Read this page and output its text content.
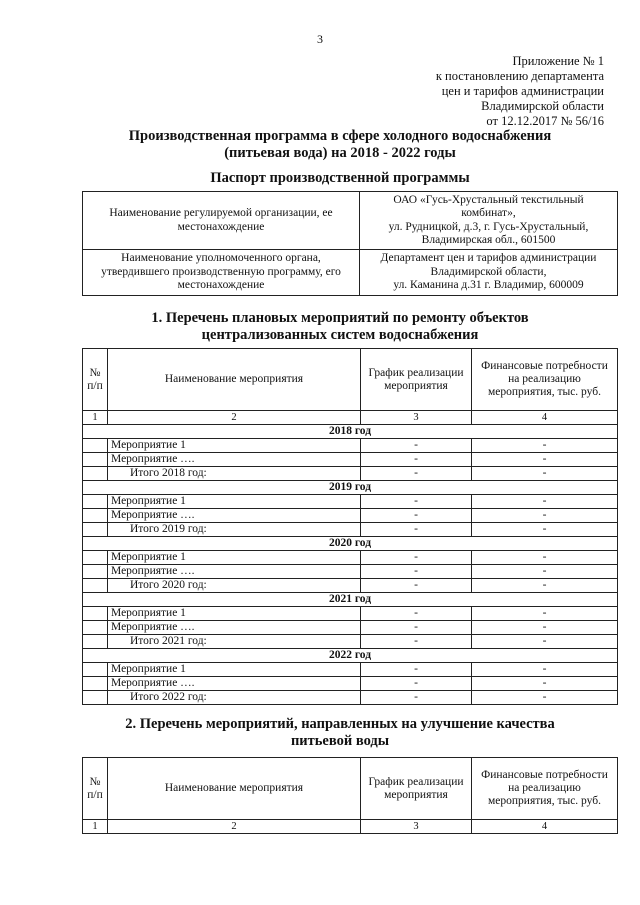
3
Приложение № 1
к постановлению департамента
цен и тарифов администрации
Владимирской области
от 12.12.2017 № 56/16
Производственная программа в сфере холодного водоснабжения
(питьевая вода) на 2018 - 2022 годы
Паспорт производственной программы
Наименование регулируемой организации, ее местонахождение	ОАО «Гусь-Хрустальный текстильный
комбинат»,
ул. Рудницкой, д.3, г. Гусь-Хрустальный,
Владимирская обл., 601500

Наименование уполномоченного органа, утвердившего производственную программу, его местонахождение	Департамент цен и тарифов администрации
Владимирской области,
ул. Каманина д.31 г. Владимир, 600009
1. Перечень плановых мероприятий по ремонту объектов
централизованных систем водоснабжения
№ п/п	Наименование мероприятия	График реализации мероприятия	Финансовые потребности на реализацию мероприятия, тыс. руб.
1	2	3	4
2018 год			
	Мероприятие 1	-	-
	Мероприятие ….	-	-
	Итого 2018 год:	-	-
2019 год			
	Мероприятие 1	-	-
	Мероприятие ….	-	-
	Итого 2019 год:	-	-
2020 год			
	Мероприятие 1	-	-
	Мероприятие ….	-	-
	Итого 2020 год:	-	-
2021 год			
	Мероприятие 1	-	-
	Мероприятие ….	-	-
	Итого 2021 год:	-	-
2022 год			
	Мероприятие 1	-	-
	Мероприятие ….	-	-
	Итого 2022 год:	-	-
2. Перечень мероприятий, направленных на улучшение качества
питьевой воды
№ п/п	Наименование мероприятия	График реализации мероприятия	Финансовые потребности на реализацию мероприятия, тыс. руб.
1	2	3	4
